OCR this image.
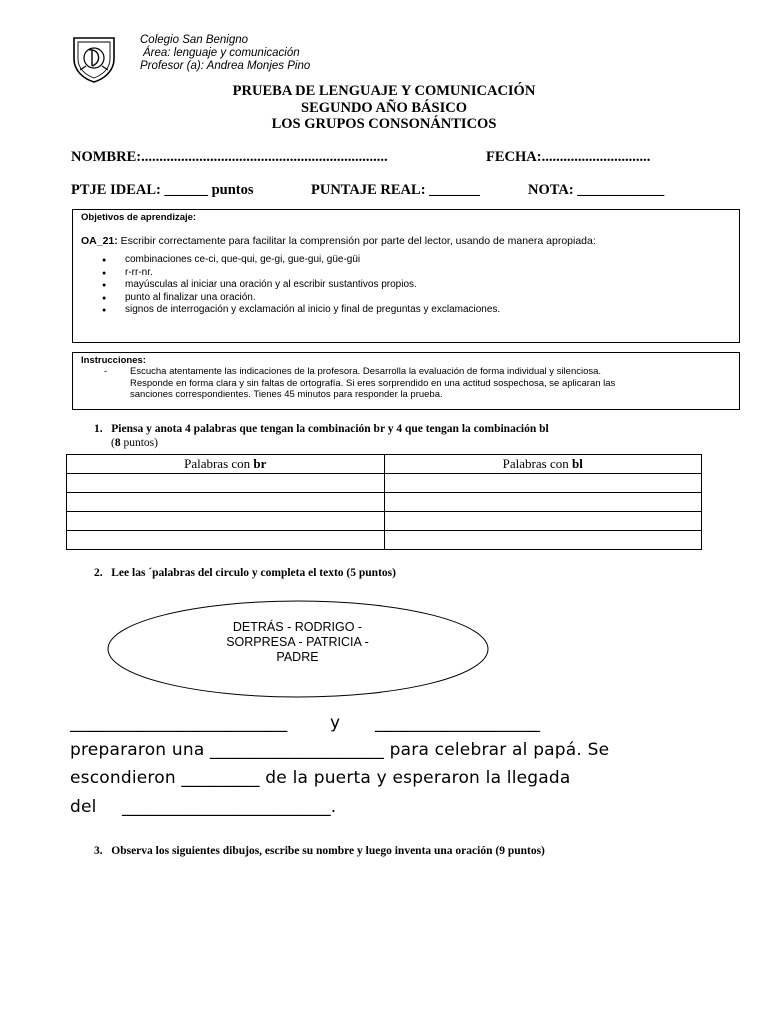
Colegio San Benigno
Área: lenguaje y comunicación
Profesor (a): Andrea Monjes Pino
PRUEBA DE LENGUAJE Y COMUNICACIÓN
SEGUNDO AÑO BÁSICO
LOS GRUPOS CONSONÁNTICOS
NOMBRE:....................................................................	FECHA:..............................
PTJE IDEAL: ______ puntos	PUNTAJE REAL: _______	NOTA: ____________
Objetivos de aprendizaje:
OA_21: Escribir correctamente para facilitar la comprensión por parte del lector, usando de manera apropiada:
● combinaciones ce-ci, que-qui, ge-gi, gue-gui, güe-güi
● r-rr-nr.
● mayúsculas al iniciar una oración y al escribir sustantivos propios.
● punto al finalizar una oración.
● signos de interrogación y exclamación al inicio y final de preguntas y exclamaciones.
Instrucciones:
-	Escucha atentamente las indicaciones de la profesora. Desarrolla la evaluación de forma individual y silenciosa.
Responde en forma clara y sin faltas de ortografía. Si eres sorprendido en una actitud sospechosa, se aplicaran las
sanciones correspondientes. Tienes 45 minutos para responder la prueba.
1. Piensa y anota 4 palabras que tengan la combinación br y 4 que tengan la combinación bl
(8 puntos)
Palabras con br	Palabras con bl

2. Lee las ´palabras del circulo y completa el texto (5 puntos)
DETRÁS - RODRIGO -
SORPRESA - PATRICIA -
PADRE
_________________________	y ___________________
prepararon una ____________________ para celebrar al papá. Se
escondieron _________ de la puerta y esperaron la llegada
del ________________________.
3. Observa los siguientes dibujos, escribe su nombre y luego inventa una oración (9 puntos)
